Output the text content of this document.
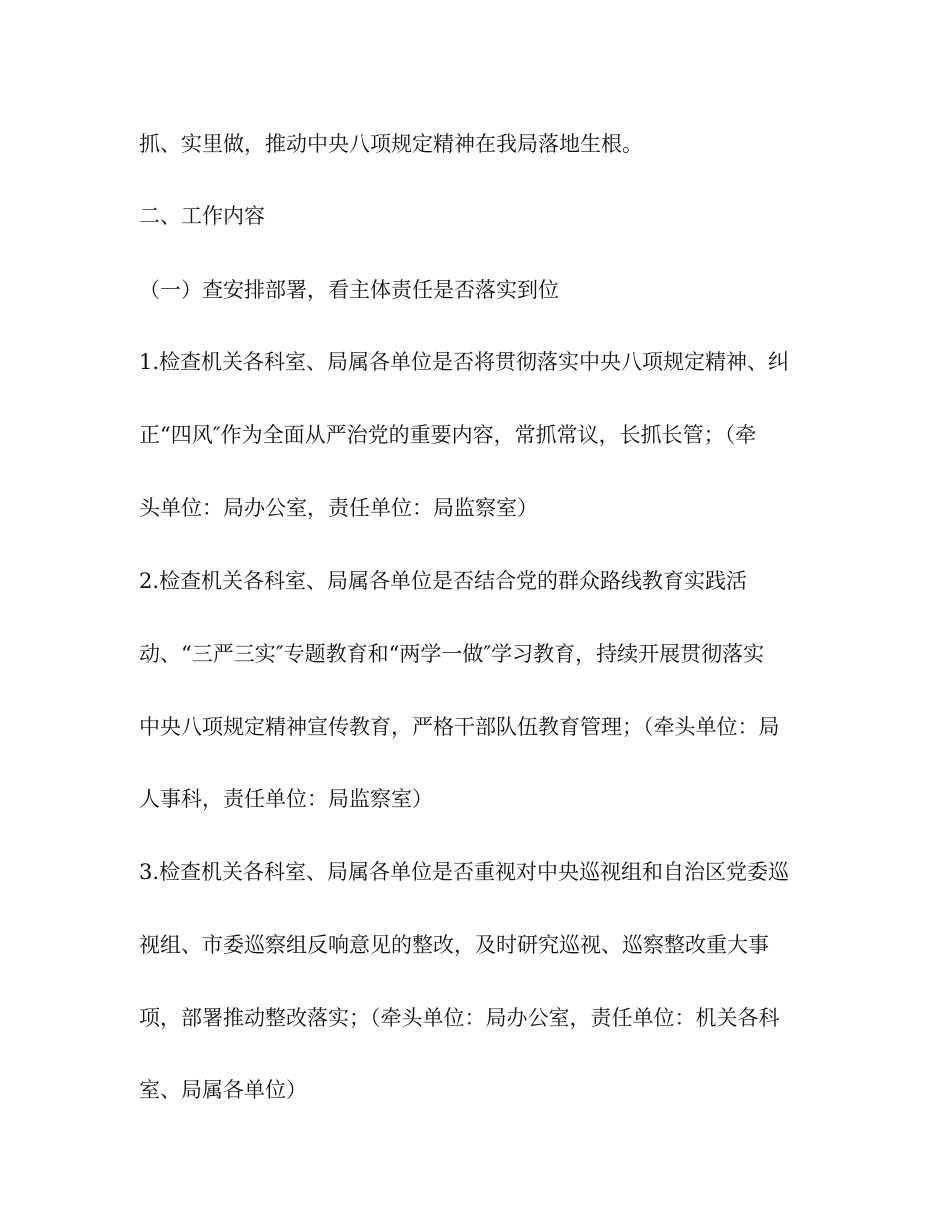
抓、实里做，推动中央八项规定精神在我局落地生根。

二、工作内容

（一）查安排部署，看主体责任是否落实到位

1.检查机关各科室、局属各单位是否将贯彻落实中央八项规定精神、纠

正“四风″作为全面从严治党的重要内容，常抓常议，长抓长管；（牵

头单位：局办公室，责任单位：局监察室）

2.检查机关各科室、局属各单位是否结合党的群众路线教育实践活

动、“三严三实″专题教育和“两学一做″学习教育，持续开展贯彻落实

中央八项规定精神宣传教育，严格干部队伍教育管理；（牵头单位：局

人事科，责任单位：局监察室）

3.检查机关各科室、局属各单位是否重视对中央巡视组和自治区党委巡

视组、市委巡察组反响意见的整改，及时研究巡视、巡察整改重大事

项，部署推动整改落实；（牵头单位：局办公室，责任单位：机关各科

室、局属各单位）
